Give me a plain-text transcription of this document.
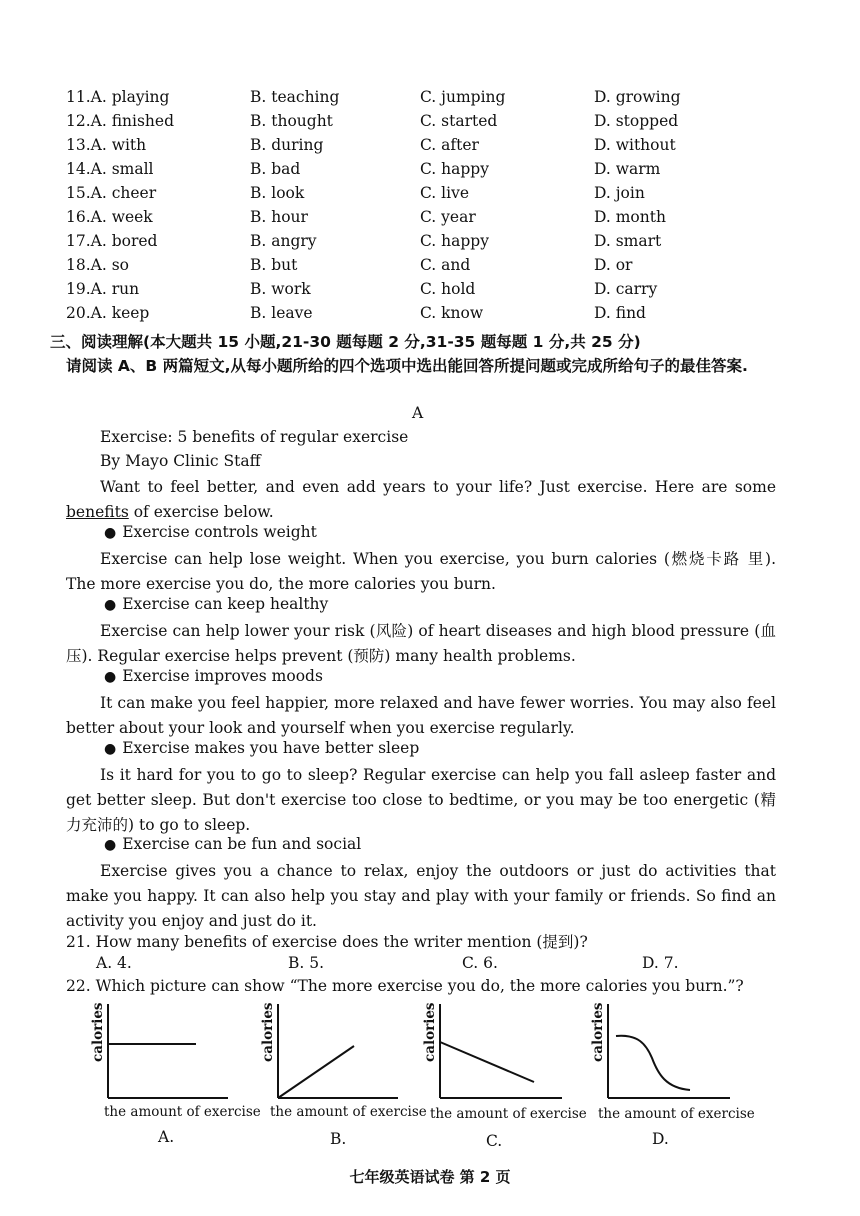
11.A. playing	B. teaching	C. jumping	D. growing
12.A. finished	B. thought	C. started	D. stopped
13.A. with	B. during	C. after	D. without
14.A. small	B. bad	C. happy	D. warm
15.A. cheer	B. look	C. live	D. join
16.A. week	B. hour	C. year	D. month
17.A. bored	B. angry	C. happy	D. smart
18.A. so	B. but	C. and	D. or
19.A. run	B. work	C. hold	D. carry
20.A. keep	B. leave	C. know	D. find
三、阅读理解(本大题共 15 小题,21-30 题每题 2 分,31-35 题每题 1 分,共 25 分)
请阅读 A、B 两篇短文,从每小题所给的四个选项中选出能回答所提问题或完成所给句子的最佳答案.
A
Exercise: 5 benefits of regular exercise
By Mayo Clinic Staff
Want to feel better, and even add years to your life? Just exercise. Here are some benefits of exercise below.
● Exercise controls weight
Exercise can help lose weight. When you exercise, you burn calories (燃烧卡路 里). The more exercise you do, the more calories you burn.
● Exercise can keep healthy
Exercise can help lower your risk (风险) of heart diseases and high blood pressure (血压). Regular exercise helps prevent (预防) many health problems.
● Exercise improves moods
It can make you feel happier, more relaxed and have fewer worries. You may also feel better about your look and yourself when you exercise regularly.
● Exercise makes you have better sleep
Is it hard for you to go to sleep? Regular exercise can help you fall asleep faster and get better sleep. But don't exercise too close to bedtime, or you may be too energetic (精力充沛的) to go to sleep.
● Exercise can be fun and social
Exercise gives you a chance to relax, enjoy the outdoors or just do activities that make you happy. It can also help you stay and play with your family or friends. So find an activity you enjoy and just do it.
21. How many benefits of exercise does the writer mention (提到)?
A. 4.	B. 5.	C. 6.	D. 7.
22. Which picture can show “The more exercise you do, the more calories you burn.”?
calories
the amount of exercise
A.
calories
the amount of exercise
B.
calories
the amount of exercise
C.
calories
the amount of exercise
D.
七年级英语试卷 第 2 页
